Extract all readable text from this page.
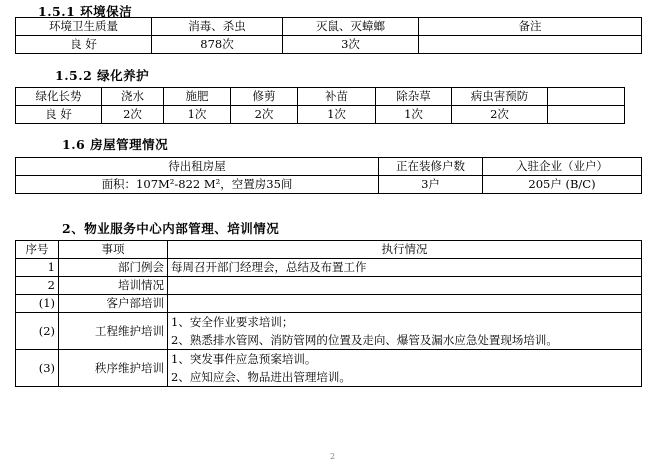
1.5.1 环境保洁
环境卫生质量	消毒、杀虫	灭鼠、灭蟑螂	备注
良 好	878次	3次	
1.5.2 绿化养护
绿化长势	浇水	施肥	修剪	补苗	除杂草	病虫害预防	
良 好	2次	1次	2次	1次	1次	2次	
1.6 房屋管理情况
待出租房屋	正在装修户数	入驻企业（业户）
面积：107M²-822 M²，空置房35间	3户	205户 (B/C)
2、物业服务中心内部管理、培训情况
序号	事项	执行情况
1	部门例会	每周召开部门经理会，总结及布置工作
2	培训情况	
(1)	客户部培训	
(2)	工程维护培训	1、安全作业要求培训；
2、熟悉排水管网、消防管网的位置及走向、爆管及漏水应急处置现场培训。

(3)	秩序维护培训	1、突发事件应急预案培训。
2、应知应会、物品进出管理培训。
2
